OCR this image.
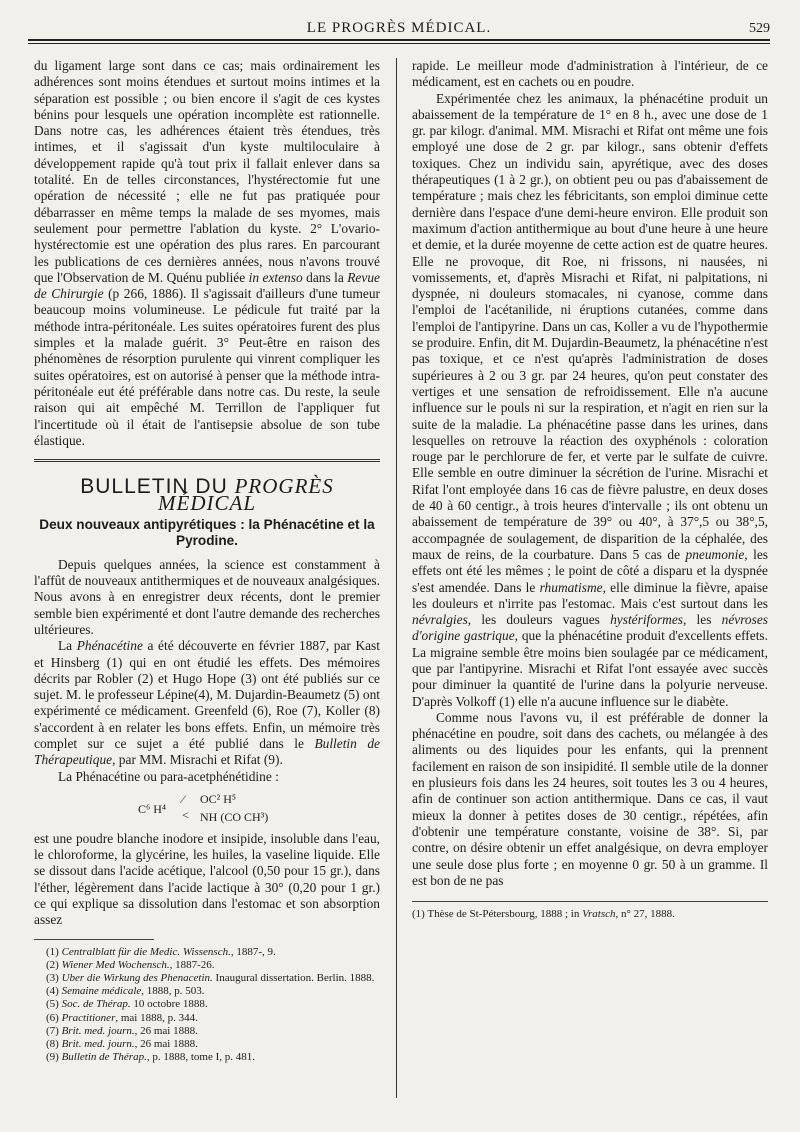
LE PROGRÈS MÉDICAL.	529

du ligament large sont dans ce cas; mais ordinairement les adhérences sont moins étendues et surtout moins intimes et la séparation est possible ; ou bien encore il s'agit de ces kystes bénins pour lesquels une opération incomplète est rationnelle. Dans notre cas, les adhérences étaient très étendues, très intimes, et il s'agissait d'un kyste multiloculaire à développement rapide qu'à tout prix il fallait enlever dans sa totalité. En de telles circonstances, l'hystérectomie fut une opération de nécessité ; elle ne fut pas pratiquée pour débarrasser en même temps la malade de ses myomes, mais seulement pour permettre l'ablation du kyste. 2° L'ovario-hystérectomie est une opération des plus rares. En parcourant les publications de ces dernières années, nous n'avons trouvé que l'Observation de M. Quénu publiée in extenso dans la Revue de Chirurgie (p 266, 1886). Il s'agissait d'ailleurs d'une tumeur beaucoup moins volumineuse. Le pédicule fut traité par la méthode intra-péritonéale. Les suites opératoires furent des plus simples et la malade guérit. 3° Peut-être en raison des phénomènes de résorption purulente qui vinrent compliquer les suites opératoires, est on autorisé à penser que la méthode intra-péritonéale eut été préférable dans notre cas. Du reste, la seule raison qui ait empêché M. Terrillon de l'appliquer fut l'incertitude où il était de l'antisepsie absolue de son tube élastique.

BULLETIN DU PROGRÈS MÉDICAL
Deux nouveaux antipyrétiques : la Phénacétine et la Pyrodine.

Depuis quelques années, la science est constamment à l'affût de nouveaux antithermiques et de nouveaux analgésiques. Nous avons à en enregistrer deux récents, dont le premier semble bien expérimenté et dont l'autre demande des recherches ultérieures.

La Phénacétine a été découverte en février 1887, par Kast et Hinsberg (1) qui en ont étudié les effets. Des mémoires décrits par Robler (2) et Hugo Hope (3) ont été publiés sur ce sujet. M. le professeur Lépine(4), M. Dujardin-Beaumetz (5) ont expérimenté ce médicament. Greenfeld (6), Roe (7), Koller (8) s'accordent à en relater les bons effets. Enfin, un mémoire très complet sur ce sujet a été publié dans le Bulletin de Thérapeutique, par MM. Misrachi et Rifat (9).

La Phénacétine ou para-acetphénétidine :

C⁶ H⁴
⁄
<
OC² H⁵
NH (CO CH³)

est une poudre blanche inodore et insipide, insoluble dans l'eau, le chloroforme, la glycérine, les huiles, la vaseline liquide. Elle se dissout dans l'acide acétique, l'alcool (0,50 pour 15 gr.), dans l'éther, légèrement dans l'acide lactique à 30° (0,20 pour 1 gr.) ce qui explique sa dissolution dans l'estomac et son absorption assez

(1) Centralblatt für die Medic. Wissensch., 1887-, 9.

(2) Wiener Med Wochensch., 1887-26.

(3) Uber die Wirkung des Phenacetin. Inaugural dissertation. Berlin. 1888.

(4) Semaine médicale, 1888, p. 503.

(5) Soc. de Thérap. 10 octobre 1888.

(6) Practitioner, mai 1888, p. 344.

(7) Brit. med. journ., 26 mai 1888.

(8) Brit. med. journ., 26 mai 1888.

(9) Bulletin de Thérap., p. 1888, tome I, p. 481.

rapide. Le meilleur mode d'administration à l'intérieur, de ce médicament, est en cachets ou en poudre.

Expérimentée chez les animaux, la phénacétine produit un abaissement de la température de 1° en 8 h., avec une dose de 1 gr. par kilogr. d'animal. MM. Misrachi et Rifat ont même une fois employé une dose de 2 gr. par kilogr., sans obtenir d'effets toxiques. Chez un individu sain, apyrétique, avec des doses thérapeutiques (1 à 2 gr.), on obtient peu ou pas d'abaissement de température ; mais chez les fébricitants, son emploi diminue cette dernière dans l'espace d'une demi-heure environ. Elle produit son maximum d'action antithermique au bout d'une heure à une heure et demie, et la durée moyenne de cette action est de quatre heures. Elle ne provoque, dit Roe, ni frissons, ni nausées, ni vomissements, et, d'après Misrachi et Rifat, ni palpitations, ni dyspnée, ni douleurs stomacales, ni cyanose, comme dans l'emploi de l'acétanilide, ni éruptions cutanées, comme dans l'emploi de l'antipyrine. Dans un cas, Koller a vu de l'hypothermie se produire. Enfin, dit M. Dujardin-Beaumetz, la phénacétine n'est pas toxique, et ce n'est qu'après l'administration de doses supérieures à 2 ou 3 gr. par 24 heures, qu'on peut constater des vertiges et une sensation de refroidissement. Elle n'a aucune influence sur le pouls ni sur la respiration, et n'agit en rien sur la suite de la maladie. La phénacétine passe dans les urines, dans lesquelles on retrouve la réaction des oxyphénols : coloration rouge par le perchlorure de fer, et verte par le sulfate de cuivre. Elle semble en outre diminuer la sécrétion de l'urine. Misrachi et Rifat l'ont employée dans 16 cas de fièvre palustre, en deux doses de 40 à 60 centigr., à trois heures d'intervalle ; ils ont obtenu un abaissement de température de 39° ou 40°, à 37°,5 ou 38°,5, accompagnée de soulagement, de disparition de la céphalée, des maux de reins, de la courbature. Dans 5 cas de pneumonie, les effets ont été les mêmes ; le point de côté a disparu et la dyspnée s'est amendée. Dans le rhumatisme, elle diminue la fièvre, apaise les douleurs et n'irrite pas l'estomac. Mais c'est surtout dans les névralgies, les douleurs vagues hystériformes, les névroses d'origine gastrique, que la phénacétine produit d'excellents effets. La migraine semble être moins bien soulagée par ce médicament, que par l'antipyrine. Misrachi et Rifat l'ont essayée avec succès pour diminuer la quantité de l'urine dans la polyurie nerveuse. D'après Volkoff (1) elle n'a aucune influence sur le diabète.

Comme nous l'avons vu, il est préférable de donner la phénacétine en poudre, soit dans des cachets, ou mélangée à des aliments ou des liquides pour les enfants, qui la prennent facilement en raison de son insipidité. Il semble utile de la donner en plusieurs fois dans les 24 heures, soit toutes les 3 ou 4 heures, afin de continuer son action antithermique. Dans ce cas, il vaut mieux la donner à petites doses de 30 centigr., répétées, afin d'obtenir une température constante, voisine de 38°. Si, par contre, on désire obtenir un effet analgésique, on devra employer une seule dose plus forte ; en moyenne 0 gr. 50 à un gramme. Il est bon de ne pas

(1) Thèse de St-Pétersbourg, 1888 ; in Vratsch, n° 27, 1888.
